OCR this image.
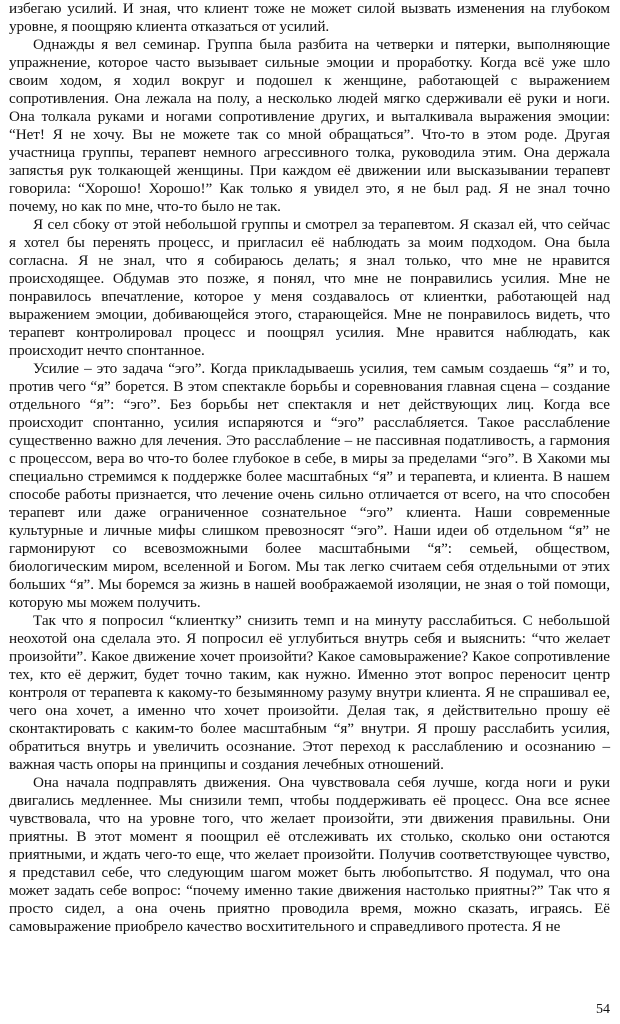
избегаю усилий. И зная, что клиент тоже не может силой вызвать изменения на глубоком уровне, я поощряю клиента отказаться от усилий.

Однажды я вел семинар. Группа была разбита на четверки и пятерки, выполняющие упражнение, которое часто вызывает сильные эмоции и проработку. Когда всё уже шло своим ходом, я ходил вокруг и подошел к женщине, работающей с выражением сопротивления. Она лежала на полу, а несколько людей мягко сдерживали её руки и ноги. Она толкала руками и ногами сопротивление других, и выталкивала выражения эмоции: “Нет! Я не хочу. Вы не можете так со мной обращаться”. Что-то в этом роде. Другая участница группы, терапевт немного агрессивного толка, руководила этим. Она держала запястья рук толкающей женщины. При каждом её движении или высказывании терапевт говорила: “Хорошо! Хорошо!” Как только я увидел это, я не был рад. Я не знал точно почему, но как по мне, что-то было не так.

Я сел сбоку от этой небольшой группы и смотрел за терапевтом. Я сказал ей, что сейчас я хотел бы перенять процесс, и пригласил её наблюдать за моим подходом. Она была согласна. Я не знал, что я собираюсь делать; я знал только, что мне не нравится происходящее. Обдумав это позже, я понял, что мне не понравились усилия. Мне не понравилось впечатление, которое у меня создавалось от клиентки, работающей над выражением эмоции, добивающейся этого, старающейся. Мне не понравилось видеть, что терапевт контролировал процесс и поощрял усилия. Мне нравится наблюдать, как происходит нечто спонтанное.

Усилие – это задача “эго”. Когда прикладываешь усилия, тем самым создаешь “я” и то, против чего “я” борется. В этом спектакле борьбы и соревнования главная сцена – создание отдельного “я”: “эго”. Без борьбы нет спектакля и нет действующих лиц. Когда все происходит спонтанно, усилия испаряются и “эго” расслабляется. Такое расслабление существенно важно для лечения. Это расслабление – не пассивная податливость, а гармония с процессом, вера во что-то более глубокое в себе, в миры за пределами “эго”. В Хакоми мы специально стремимся к поддержке более масштабных “я” и терапевта, и клиента. В нашем способе работы признается, что лечение очень сильно отличается от всего, на что способен терапевт или даже ограниченное сознательное “эго” клиента. Наши современные культурные и личные мифы слишком превозносят “эго”. Наши идеи об отдельном “я” не гармонируют со всевозможными более масштабными “я”: семьей, обществом, биологическим миром, вселенной и Богом. Мы так легко считаем себя отдельными от этих больших “я”. Мы боремся за жизнь в нашей воображаемой изоляции, не зная о той помощи, которую мы можем получить.

Так что я попросил “клиентку” снизить темп и на минуту расслабиться. С небольшой неохотой она сделала это. Я попросил её углубиться внутрь себя и выяснить: “что желает произойти”. Какое движение хочет произойти? Какое самовыражение? Какое сопротивление тех, кто её держит, будет точно таким, как нужно. Именно этот вопрос переносит центр контроля от терапевта к какому-то безымянному разуму внутри клиента. Я не спрашивал ее, чего она хочет, а именно что хочет произойти. Делая так, я действительно прошу её сконтактировать с каким-то более масштабным “я” внутри. Я прошу расслабить усилия, обратиться внутрь и увеличить осознание. Этот переход к расслаблению и осознанию – важная часть опоры на принципы и создания лечебных отношений.

Она начала подправлять движения. Она чувствовала себя лучше, когда ноги и руки двигались медленнее. Мы снизили темп, чтобы поддерживать её процесс. Она все яснее чувствовала, что на уровне того, что желает произойти, эти движения правильны. Они приятны. В этот момент я поощрил её отслеживать их столько, сколько они остаются приятными, и ждать чего-то еще, что желает произойти. Получив соответствующее чувство, я представил себе, что следующим шагом может быть любопытство. Я подумал, что она может задать себе вопрос: “почему именно такие движения настолько приятны?” Так что я просто сидел, а она очень приятно проводила время, можно сказать, играясь. Её самовыражение приобрело качество восхитительного и справедливого протеста. Я не

54
